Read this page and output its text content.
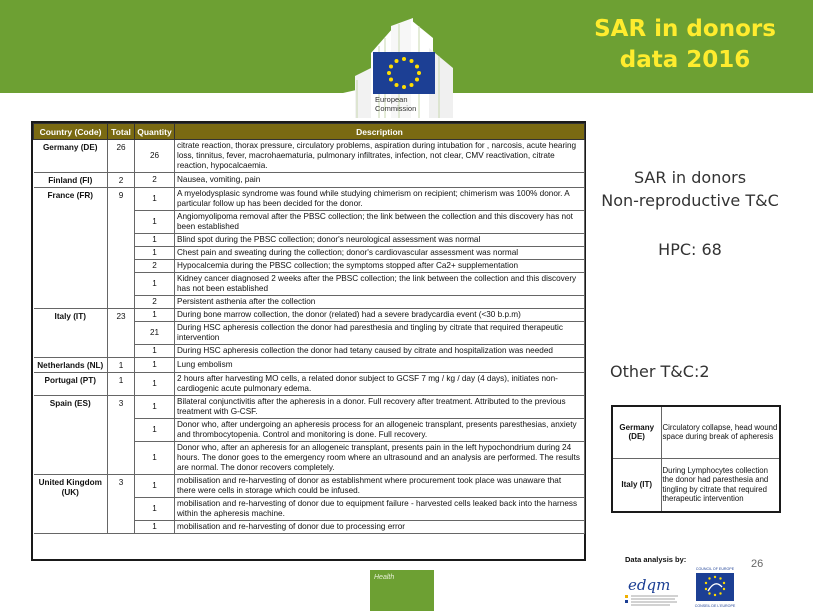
SAR in donors
data 2016
European
Commission
Country (Code)	Total	Quantity	Description
Germany (DE)	26	26	citrate reaction, thorax pressure, circulatory problems, aspiration during intubation for , narcosis, acute hearing loss, tinnitus, fever, macrohaematuria, pulmonary infiltrates, infection, not clear, CMV reactivation, citrate reaction, hypocalcaemia.
Finland (FI)	2	2	Nausea, vomiting, pain
France (FR)	9	1	A myelodysplasic syndrome was found while studying chimerism on recipient; chimerism was 100% donor. A particular follow up has been decided for the donor.
		1	Angiomyolipoma removal after the PBSC collection; the link between the collection and this discovery has not been established
		1	Blind spot during the PBSC collection; donor's neurological assessment was normal
		1	Chest pain and sweating during the collection; donor's cardiovascular assessment was normal
		2	Hypocalcemia during the PBSC collection; the symptoms stopped after Ca2+ supplementation
		1	Kidney cancer diagnosed 2 weeks after the PBSC collection; the link between the collection and this discovery has not been established
		2	Persistent asthenia after the collection
Italy (IT)	23	1	During bone marrow collection, the donor (related) had a severe bradycardia event (<30 b.p.m)
		21	During HSC apheresis collection the donor had paresthesia and tingling by citrate that required therapeutic intervention
		1	During HSC apheresis collection the donor had tetany caused by citrate and hospitalization was needed
Netherlands (NL)	1	1	Lung embolism
Portugal (PT)	1	1	2 hours after harvesting MO cells, a related donor subject to GCSF 7 mg / kg / day (4 days), initiates non-cardiogenic acute pulmonary edema.
Spain (ES)	3	1	Bilateral conjunctivitis after the apheresis in a donor. Full recovery after treatment. Attributed to the previous treatment with G-CSF.
		1	Donor who, after undergoing an apheresis process for an allogeneic transplant, presents paresthesias, anxiety and thrombocytopenia. Control and monitoring is done. Full recovery.
		1	Donor who, after an apheresis for an allogeneic transplant, presents pain in the left hypochondrium during 24 hours. The donor goes to the emergency room where an ultrasound and an analysis are performed. The results are normal. The donor recovers completely.
United Kingdom (UK)	3	1	mobilisation and re-harvesting of donor as establishment where procurement took place was unaware that there were cells in storage which could be infused.
		1	mobilisation and re-harvesting of donor due to equipment failure - harvested cells leaked back into the harness within the apheresis machine.
		1	mobilisation and re-harvesting of donor due to processing error
SAR in donors
Non-reproductive T&C
HPC: 68
Other T&C:2
Germany (DE)	Circulatory collapse, head wound space during break of apheresis
Italy (IT)	During Lymphocytes collection the donor had paresthesia and tingling by citrate that required therapeutic intervention
Health
Data analysis by:
edqm
COUNCIL OF EUROPE
CONSEIL DE L'EUROPE
26
